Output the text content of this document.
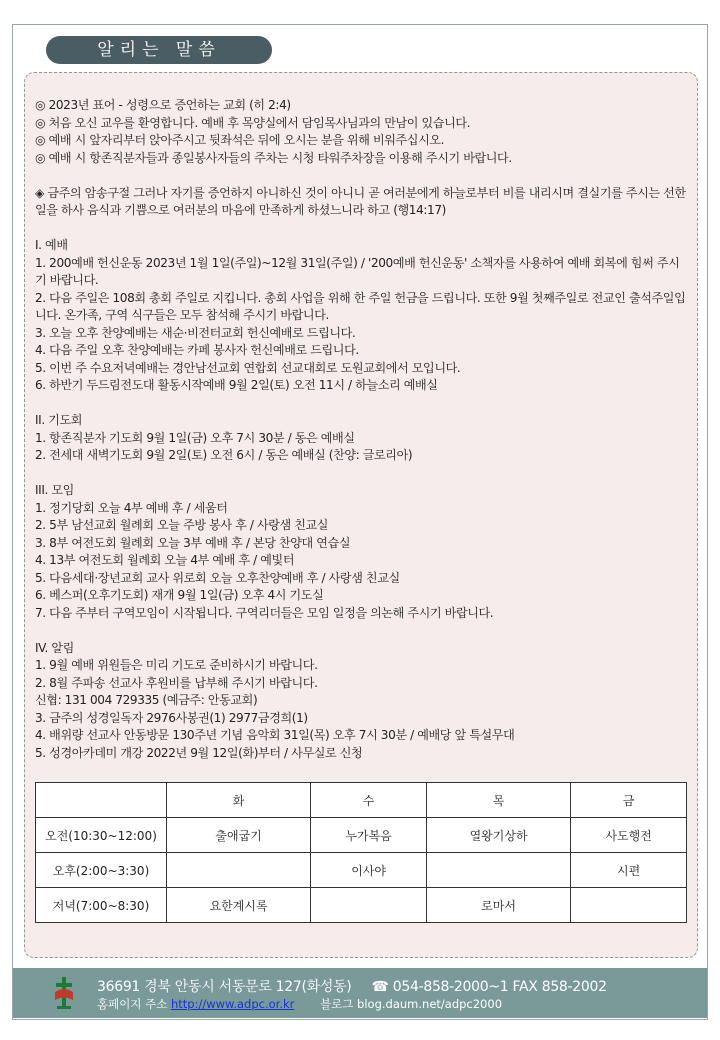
알리는 말씀
◎ 2023년 표어 - 성령으로 증언하는 교회 (히 2:4)
◎ 처음 오신 교우를 환영합니다. 예배 후 목양실에서 담임목사님과의 만남이 있습니다.
◎ 예배 시 앞자리부터 앉아주시고 뒷좌석은 뒤에 오시는 분을 위해 비워주십시오.
◎ 예배 시 항존직분자들과 종일봉사자들의 주차는 시청 타워주차장을 이용해 주시기 바랍니다.
◈ 금주의 암송구절 그러나 자기를 증언하지 아니하신 것이 아니니 곧 여러분에게 하늘로부터 비를 내리시며 결실기를 주시는 선한 일을 하사 음식과 기쁨으로 여러분의 마음에 만족하게 하셨느니라 하고 (행14:17)
I. 예배
1. 200예배 헌신운동 2023년 1월 1일(주일)~12월 31일(주일) / '200예배 헌신운동' 소책자를 사용하여 예배 회복에 힘써 주시기 바랍니다.
2. 다음 주일은 108회 총회 주일로 지킵니다. 총회 사업을 위해 한 주일 헌금을 드립니다. 또한 9월 첫째주일로 전교인 출석주일입니다. 온가족, 구역 식구들은 모두 참석해 주시기 바랍니다.
3. 오늘 오후 찬양예배는 새순·비전터교회 헌신예배로 드립니다.
4. 다음 주일 오후 찬양예배는 카페 봉사자 헌신예배로 드립니다.
5. 이번 주 수요저녁예배는 경안남선교회 연합회 선교대회로 도원교회에서 모입니다.
6. 하반기 두드림전도대 활동시작예배 9월 2일(토) 오전 11시 / 하늘소리 예배실
II. 기도회
1. 항존직분자 기도회 9월 1일(금) 오후 7시 30분 / 동은 예배실
2. 전세대 새벽기도회 9월 2일(토) 오전 6시 / 동은 예배실 (찬양: 글로리아)
III. 모임
1. 정기당회 오늘 4부 예배 후 / 세움터
2. 5부 남선교회 월례회 오늘 주방 봉사 후 / 사랑샘 친교실
3. 8부 여전도회 월례회 오늘 3부 예배 후 / 본당 찬양대 연습실
4. 13부 여전도회 월례회 오늘 4부 예배 후 / 예빛터
5. 다음세대·장년교회 교사 위로회 오늘 오후찬양예배 후 / 사랑샘 친교실
6. 베스퍼(오후기도회) 재개 9월 1일(금) 오후 4시 기도실
7. 다음 주부터 구역모임이 시작됩니다. 구역리더들은 모임 일정을 의논해 주시기 바랍니다.
IV. 알림
1. 9월 예배 위원들은 미리 기도로 준비하시기 바랍니다.
2. 8월 주파송 선교사 후원비를 납부해 주시기 바랍니다.
신협: 131 004 729335 (예금주: 안동교회)
3. 금주의 성경일독자 2976사봉권(1) 2977금경희(1)
4. 배위량 선교사 안동방문 130주년 기념 음악회 31일(목) 오후 7시 30분 / 예배당 앞 특설무대
5. 성경아카데미 개강 2022년 9월 12일(화)부터 / 사무실로 신청
	화	수	목	금
오전(10:30~12:00)	출애굽기	누가복음	열왕기상하	사도행전
오후(2:00~3:30)		이사야		시편
저녁(7:00~8:30)	요한계시록		로마서	
36691 경북 안동시 서동문로 127(화성동) ☎ 054-858-2000~1 FAX 858-2002
홈페이지 주소 http://www.adpc.or.kr 블로그 blog.daum.net/adpc2000
